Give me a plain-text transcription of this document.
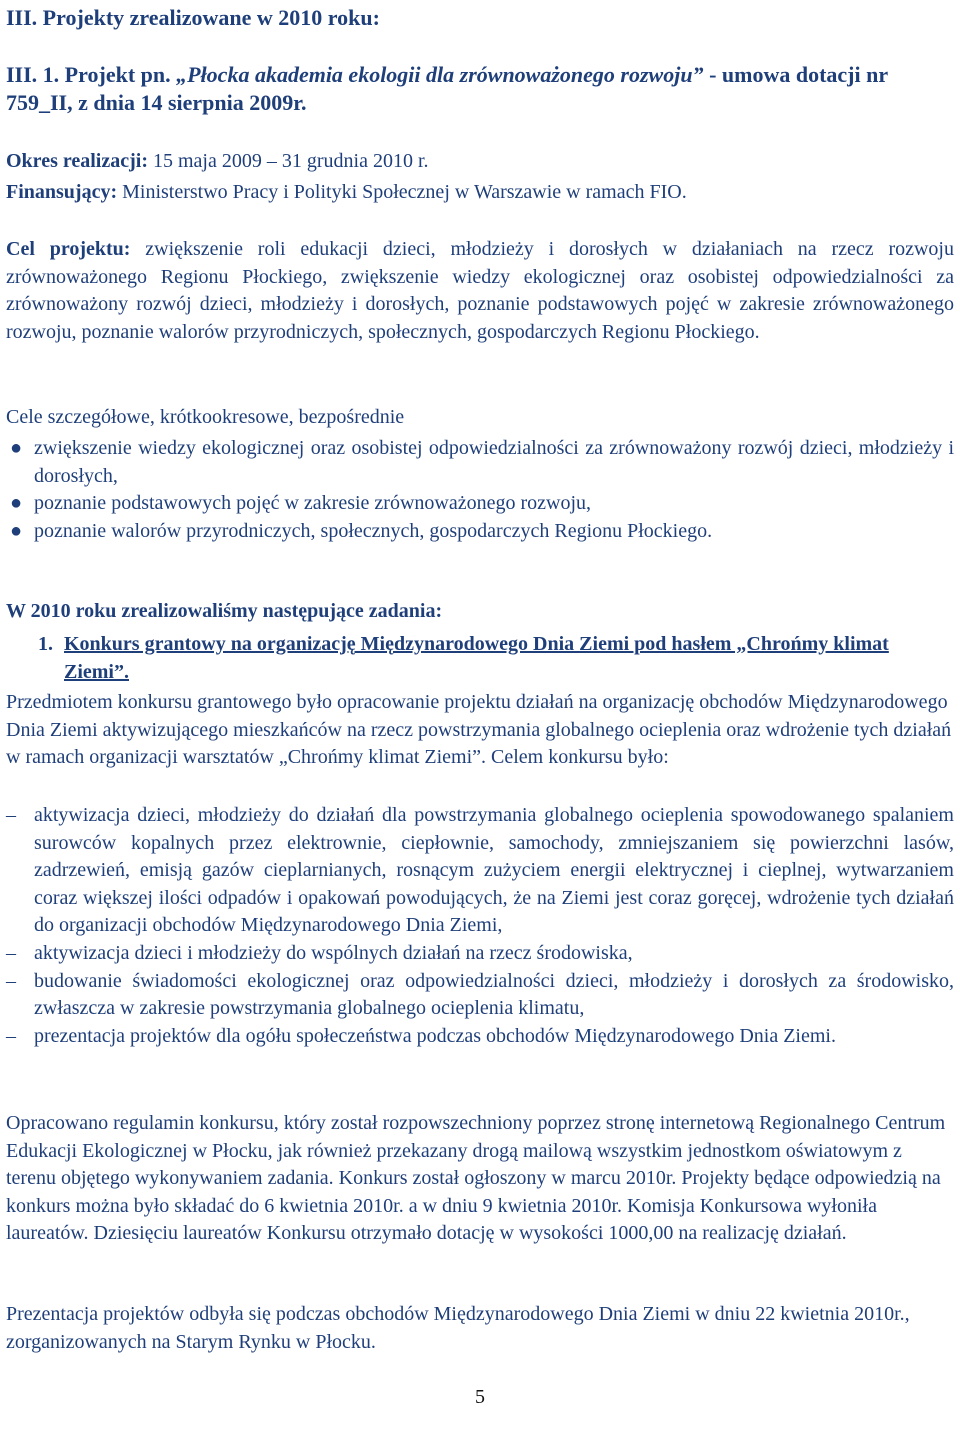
III. Projekty zrealizowane w 2010 roku:
III. 1. Projekt pn. „Płocka akademia ekologii dla zrównoważonego rozwoju” - umowa dotacji nr 759_II, z dnia 14 sierpnia 2009r.

Okres realizacji: 15 maja 2009 – 31 grudnia 2010 r.

Finansujący: Ministerstwo Pracy i Polityki Społecznej w Warszawie w ramach FIO.

Cel projektu: zwiększenie roli edukacji dzieci, młodzieży i dorosłych w działaniach na rzecz rozwoju zrównoważonego Regionu Płockiego, zwiększenie wiedzy ekologicznej oraz osobistej odpowiedzialności za zrównoważony rozwój dzieci, młodzieży i dorosłych, poznanie podstawowych pojęć w zakresie zrównoważonego rozwoju, poznanie walorów przyrodniczych, społecznych, gospodarczych Regionu Płockiego.

Cele szczegółowe, krótkookresowe, bezpośrednie
● zwiększenie wiedzy ekologicznej oraz osobistej odpowiedzialności za zrównoważony rozwój dzieci, młodzieży i dorosłych,
● poznanie podstawowych pojęć w zakresie zrównoważonego rozwoju,
● poznanie walorów przyrodniczych, społecznych, gospodarczych Regionu Płockiego.
W 2010 roku zrealizowaliśmy następujące zadania:
1. Konkurs grantowy na organizację Międzynarodowego Dnia Ziemi pod hasłem „Chrońmy klimat Ziemi”.

Przedmiotem konkursu grantowego było opracowanie projektu działań na organizację obchodów Międzynarodowego Dnia Ziemi aktywizującego mieszkańców na rzecz powstrzymania globalnego ocieplenia oraz wdrożenie tych działań w ramach organizacji warsztatów „Chrońmy klimat Ziemi”. Celem konkursu było:

– aktywizacja dzieci, młodzieży do działań dla powstrzymania globalnego ocieplenia spowodowanego spalaniem surowców kopalnych przez elektrownie, ciepłownie, samochody, zmniejszaniem się powierzchni lasów, zadrzewień, emisją gazów cieplarnianych, rosnącym zużyciem energii elektrycznej i cieplnej, wytwarzaniem coraz większej ilości odpadów i opakowań powodujących, że na Ziemi jest coraz goręcej, wdrożenie tych działań do organizacji obchodów Międzynarodowego Dnia Ziemi,
– aktywizacja dzieci i młodzieży do wspólnych działań na rzecz środowiska,
– budowanie świadomości ekologicznej oraz odpowiedzialności dzieci, młodzieży i dorosłych za środowisko, zwłaszcza w zakresie powstrzymania globalnego ocieplenia klimatu,
– prezentacja projektów dla ogółu społeczeństwa podczas obchodów Międzynarodowego Dnia Ziemi.

Opracowano regulamin konkursu, który został rozpowszechniony poprzez stronę internetową Regionalnego Centrum Edukacji Ekologicznej w Płocku, jak również przekazany drogą mailową wszystkim jednostkom oświatowym z terenu objętego wykonywaniem zadania. Konkurs został ogłoszony w marcu 2010r. Projekty będące odpowiedzią na konkurs można było składać do 6 kwietnia 2010r. a w dniu 9 kwietnia 2010r. Komisja Konkursowa wyłoniła laureatów. Dziesięciu laureatów Konkursu otrzymało dotację w wysokości 1000,00 na realizację działań.

Prezentacja projektów odbyła się podczas obchodów Międzynarodowego Dnia Ziemi w dniu 22 kwietnia 2010r., zorganizowanych na Starym Rynku w Płocku.

5
